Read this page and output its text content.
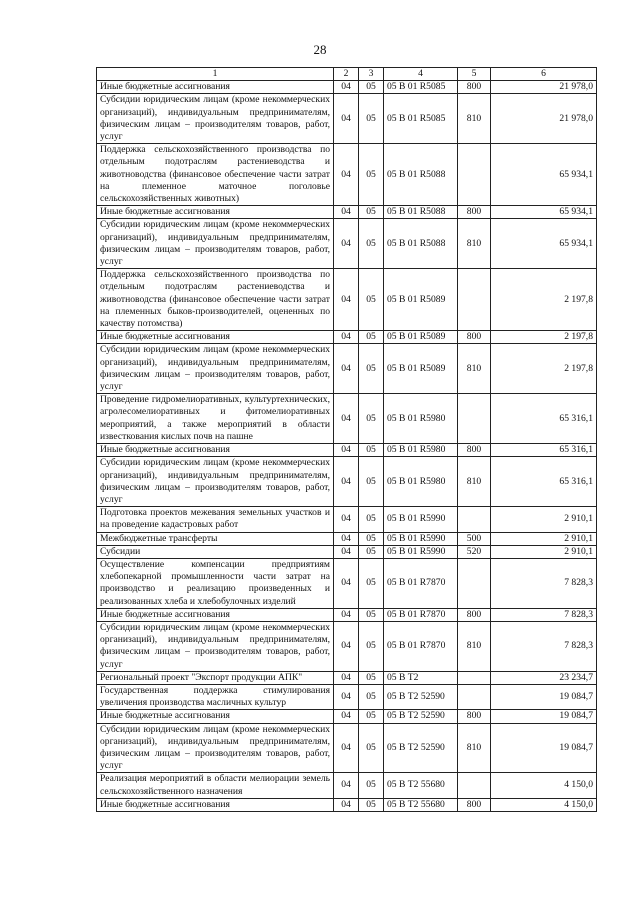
28
1	2	3	4	5	6
Иные бюджетные ассигнования	04	05	05 В 01 R5085	800	21 978,0
Субсидии юридическим лицам (кроме некоммерческих организаций), индивидуальным предпринимателям, физическим лицам – производителям товаров, работ, услуг	04	05	05 В 01 R5085	810	21 978,0
Поддержка сельскохозяйственного производства по отдельным подотраслям растениеводства и животноводства (финансовое обеспечение части затрат на племенное маточное поголовье сельскохозяйственных животных)	04	05	05 В 01 R5088		65 934,1
Иные бюджетные ассигнования	04	05	05 В 01 R5088	800	65 934,1
Субсидии юридическим лицам (кроме некоммерческих организаций), индивидуальным предпринимателям, физическим лицам – производителям товаров, работ, услуг	04	05	05 В 01 R5088	810	65 934,1
Поддержка сельскохозяйственного производства по отдельным подотраслям растениеводства и животноводства (финансовое обеспечение части затрат на племенных быков-производителей, оцененных по качеству потомства)	04	05	05 В 01 R5089		2 197,8
Иные бюджетные ассигнования	04	05	05 В 01 R5089	800	2 197,8
Субсидии юридическим лицам (кроме некоммерческих организаций), индивидуальным предпринимателям, физическим лицам – производителям товаров, работ, услуг	04	05	05 В 01 R5089	810	2 197,8
Проведение гидромелиоративных, культуртехнических, агролесомелиоративных и фитомелиоративных мероприятий, а также мероприятий в области известкования кислых почв на пашне	04	05	05 В 01 R5980		65 316,1
Иные бюджетные ассигнования	04	05	05 В 01 R5980	800	65 316,1
Субсидии юридическим лицам (кроме некоммерческих организаций), индивидуальным предпринимателям, физическим лицам – производителям товаров, работ, услуг	04	05	05 В 01 R5980	810	65 316,1
Подготовка проектов межевания земельных участков и на проведение кадастровых работ	04	05	05 В 01 R5990		2 910,1
Межбюджетные трансферты	04	05	05 В 01 R5990	500	2 910,1
Субсидии	04	05	05 В 01 R5990	520	2 910,1
Осуществление компенсации предприятиям хлебопекарной промышленности части затрат на производство и реализацию произведенных и реализованных хлеба и хлебобулочных изделий	04	05	05 В 01 R7870		7 828,3
Иные бюджетные ассигнования	04	05	05 В 01 R7870	800	7 828,3
Субсидии юридическим лицам (кроме некоммерческих организаций), индивидуальным предпринимателям, физическим лицам – производителям товаров, работ, услуг	04	05	05 В 01 R7870	810	7 828,3
Региональный проект "Экспорт продукции АПК"	04	05	05 В Т2		23 234,7
Государственная поддержка стимулирования увеличения производства масличных культур	04	05	05 В Т2 52590		19 084,7
Иные бюджетные ассигнования	04	05	05 В Т2 52590	800	19 084,7
Субсидии юридическим лицам (кроме некоммерческих организаций), индивидуальным предпринимателям, физическим лицам – производителям товаров, работ, услуг	04	05	05 В Т2 52590	810	19 084,7
Реализация мероприятий в области мелиорации земель сельскохозяйственного назначения	04	05	05 В Т2 55680		4 150,0
Иные бюджетные ассигнования	04	05	05 В Т2 55680	800	4 150,0
